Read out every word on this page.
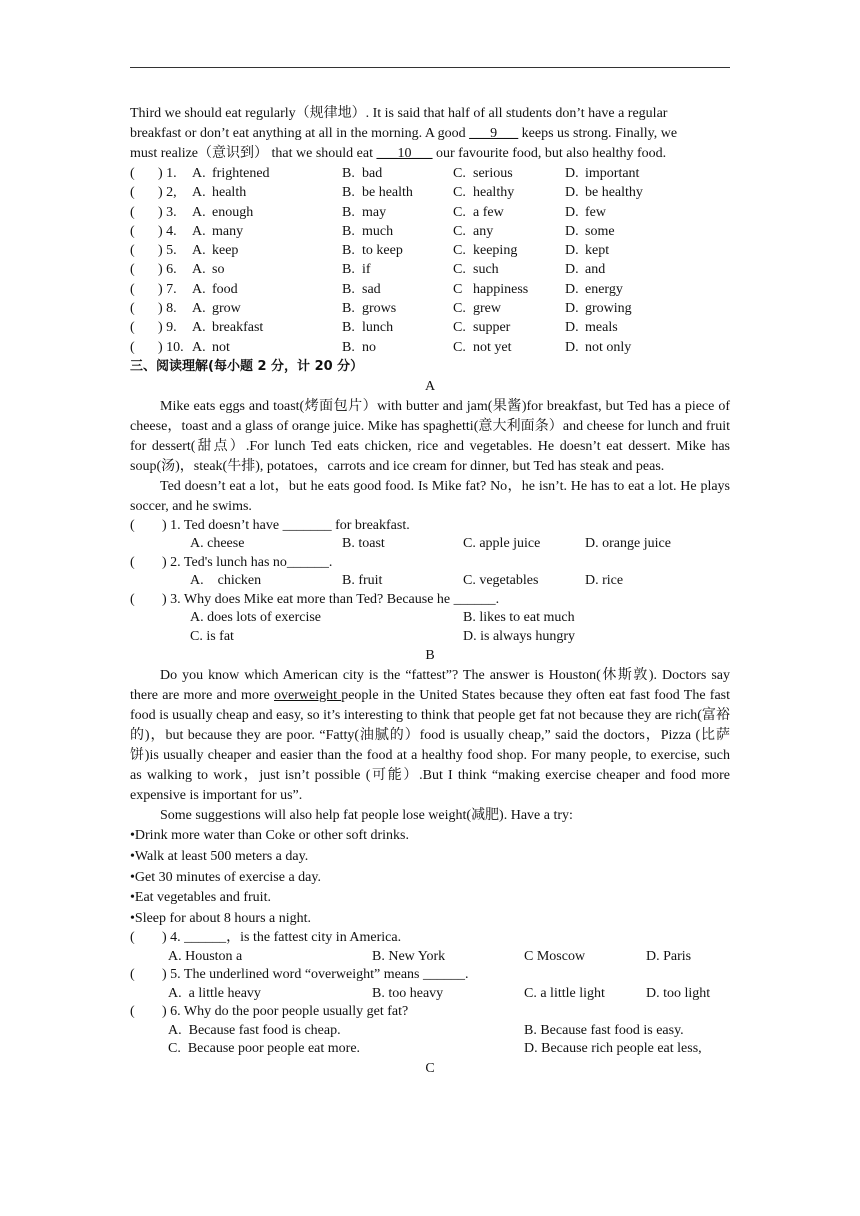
Third we should eat regularly（规律地）. It is said that half of all students don’t have a regular

breakfast or don’t eat anything at all in the morning. A good ___9___ keeps us strong. Finally, we

must realize（意识到） that we should eat ___10___ our favourite food, but also healthy food.

(	) 1.	A.	frightened	B.	bad	C.	serious	D.	important
(	) 2,	A.	health	B.	be health	C.	healthy	D.	be healthy
(	) 3.	A.	enough	B.	may	C.	a few	D.	few
(	) 4.	A.	many	B.	much	C.	any	D.	some
(	) 5.	A.	keep	B.	to keep	C.	keeping	D.	kept
(	) 6.	A.	so	B.	if	C.	such	D.	and
(	) 7.	A.	food	B.	sad	C	happiness	D.	energy
(	) 8.	A.	grow	B.	grows	C.	grew	D.	growing
(	) 9.	A.	breakfast	B.	lunch	C.	supper	D.	meals
(	) 10.	A.	not	B.	no	C.	not yet	D.	not only
三、阅读理解(每小题 2 分，计 20 分）
A

Mike eats eggs and toast(烤面包片）with butter and jam(果酱)for breakfast, but Ted has a piece of cheese，toast and a glass of orange juice. Mike has spaghetti(意大利面条）and cheese for lunch and fruit for dessert(甜点）.For lunch Ted eats chicken, rice and vegetables. He doesn’t eat dessert. Mike has soup(汤)，steak(牛排), potatoes，carrots and ice cream for dinner, but Ted has steak and peas.

Ted doesn’t eat a lot，but he eats good food. Is Mike fat? No，he isn’t. He has to eat a lot. He plays soccer, and he swims.

(	) 1. Ted doesn’t have _______ for breakfast.
A. cheese	B. toast	C. apple juice	D. orange juice
(	) 2. Ted's lunch has no______.
A.    chicken	B. fruit	C. vegetables	D. rice
(	) 3. Why does Mike eat more than Ted? Because he ______.
A. does lots of exercise	B. likes to eat much
C. is fat	D. is always hungry
B

Do you know which American city is the “fattest”? The answer is Houston(休斯敦). Doctors say there are more and more overweight people in the United States because they often eat fast food The fast food is usually cheap and easy, so it’s interesting to think that people get fat not because they are rich(富裕的)，but because they are poor. “Fatty(油腻的）food is usually cheap,” said the doctors，Pizza (比萨饼)is usually cheaper and easier than the food at a healthy food shop. For many people, to exercise, such as walking to work，just isn’t possible (可能）.But I think “making exercise cheaper and food more expensive is important for us”.

Some suggestions will also help fat people lose weight(减肥). Have a try:

•Drink more water than Coke or other soft drinks.
•Walk at least 500 meters a day.
•Get 30 minutes of exercise a day.
•Eat vegetables and fruit.
•Sleep for about 8 hours a night.
(	) 4. ______，is the fattest city in America.
A. Houston a	B. New York	C Moscow	D. Paris
(	) 5. The underlined word “overweight” means ______.
A.  a little heavy	B. too heavy	C. a little light	D. too light
(	) 6. Why do the poor people usually get fat?
A.  Because fast food is cheap.	B. Because fast food is easy.
C.  Because poor people eat more.	D. Because rich people eat less,
C
